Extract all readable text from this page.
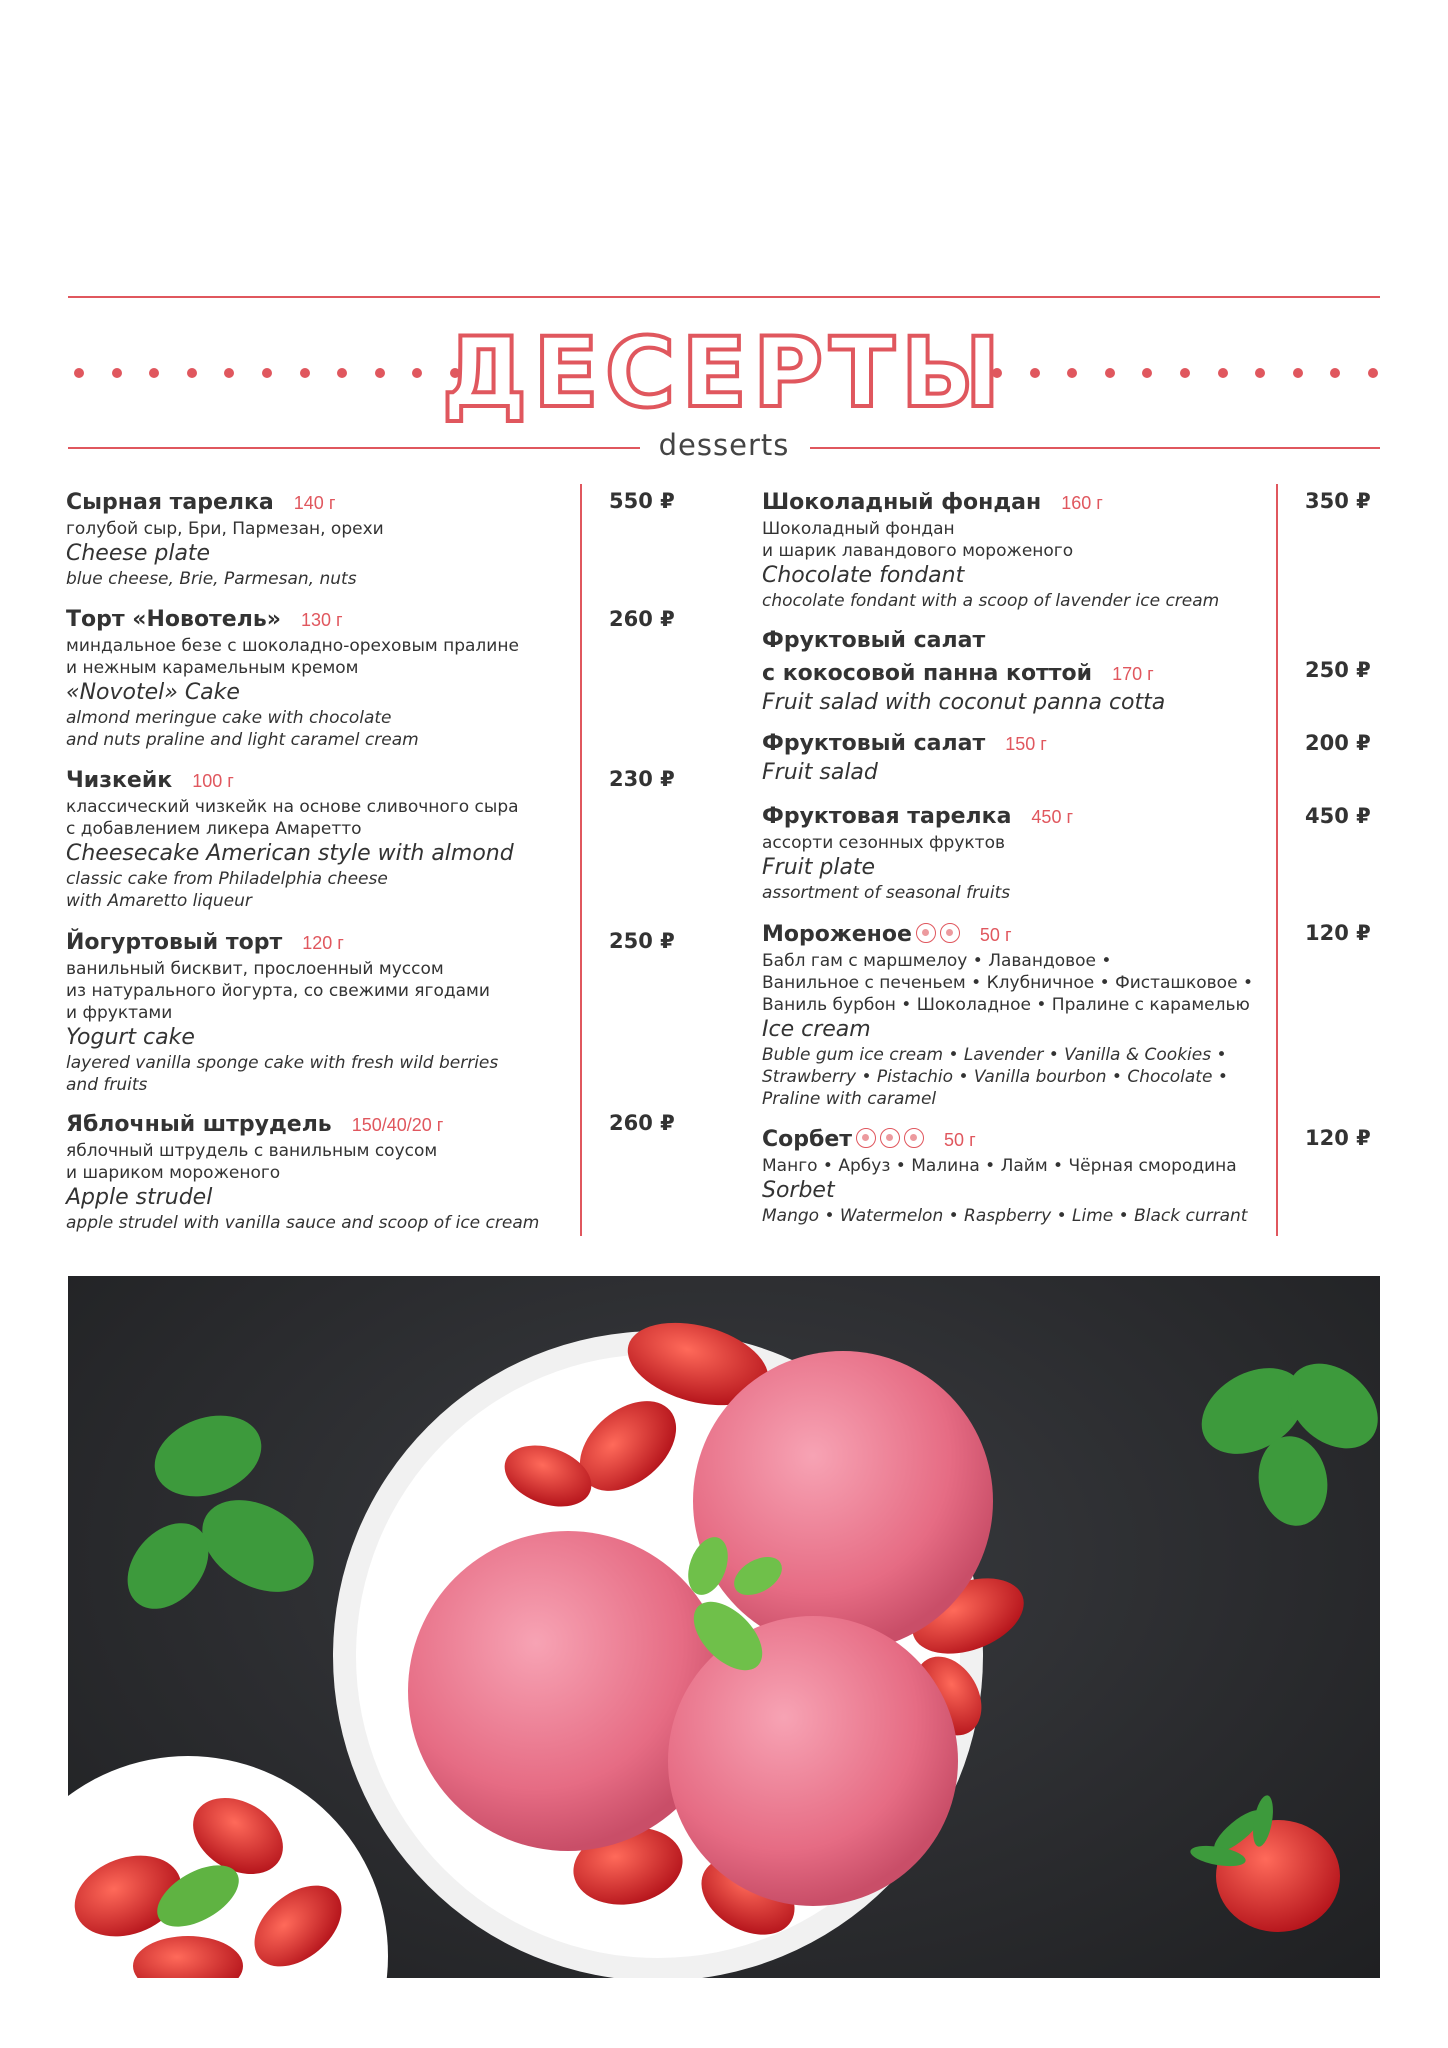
ДЕСЕРТЫ
desserts
Сырная тарелка 140 г
голубой сыр, Бри, Пармезан, орехи
Cheese plate
blue cheese, Brie, Parmesan, nuts
550 ₽
Торт «Новотель» 130 г
миндальное безе с шоколадно-ореховым пралине
и нежным карамельным кремом
«Novotel» Cake
almond meringue cake with chocolate
and nuts praline and light caramel cream
260 ₽
Чизкейк 100 г
классический чизкейк на основе сливочного сыра
с добавлением ликера Амаретто
Cheesecake American style with almond
classic cake from Philadelphia cheese
with Amaretto liqueur
230 ₽
Йогуртовый торт 120 г
ванильный бисквит, прослоенный муссом
из натурального йогурта, со свежими ягодами
и фруктами
Yogurt cake
layered vanilla sponge cake with fresh wild berries
and fruits
250 ₽
Яблочный штрудель 150/40/20 г
яблочный штрудель с ванильным соусом
и шариком мороженого
Apple strudel
apple strudel with vanilla sauce and scoop of ice cream
260 ₽
Шоколадный фондан 160 г
Шоколадный фондан
и шарик лавандового мороженого
Chocolate fondant
chocolate fondant with a scoop of lavender ice cream
350 ₽
Фруктовый салат
с кокосовой панна коттой 170 г
Fruit salad with coconut panna cotta
250 ₽
Фруктовый салат 150 г
Fruit salad
200 ₽
Фруктовая тарелка 450 г
ассорти сезонных фруктов
Fruit plate
assortment of seasonal fruits
450 ₽
Мороженое	50 г
Бабл гам с маршмелоу • Лавандовое •
Ванильное с печеньем • Клубничное • Фисташковое •
Ваниль бурбон • Шоколадное • Пралине с карамелью
Ice cream
Buble gum ice cream • Lavender • Vanilla & Cookies •
Strawberry • Pistachio • Vanilla bourbon • Chocolate •
Praline with caramel
120 ₽
Сорбет	50 г
Манго • Арбуз • Малина • Лайм • Чёрная смородина
Sorbet
Mango • Watermelon • Raspberry • Lime • Black currant
120 ₽
